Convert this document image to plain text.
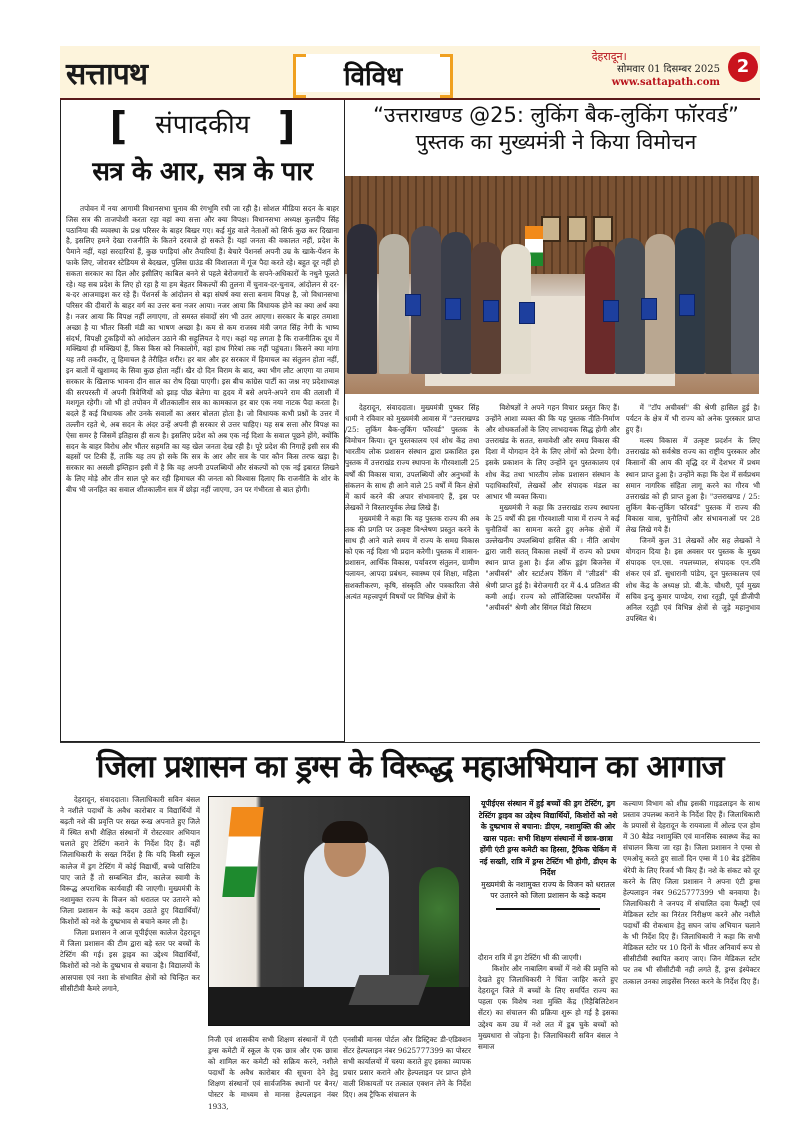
सत्तापथ	विविध
देहरादून।
सोमवार 01 दिसम्बर 2025
www.sattapath.com
2
[ संपादकीय ]
सत्र के आर, सत्र के पार
तपोवन में नया आगामी विधानसभा चुनाव की रंगभूमि रची जा रही है। सोशल मीडिया सदन के बाहर जिस सत्र की ताजपोशी करता रहा वहां क्या सत्ता और क्या विपक्ष। विधानसभा अध्यक्ष कुलदीप सिंह पठानिया की व्यवस्था के प्रश्न परिसर के बाहर बिखर गए। कई मुंह वाले नेताओं को सिर्फ कुछ कर दिखाना है, इसलिए हमने देखा राजनीति के कितने दरवाजे हो सकते हैं। यहां जनता की वकालत नहीं, प्रदेश के पैमाने नहीं, यहां सरदारियां हैं, कुछ पगड़ियां और तैयारियां हैं। बेचारे पेंशनर्स अपनी उम्र के खाके-पेंशन के फाके लिए, जोरावर स्टेडियम से बेदखल, पुलिस ग्राउंड की विशालता में गूंज पैदा करते रहे। बहुत दूर नहीं हो सकता सरकार का दिल और इसीलिए काबिल बनने से पहले बेरोजगारों के सपने-अधिकारों के नथुने फूलते रहे। यह सब प्रदेश के लिए हो रहा है या हम बेहतर विकल्पों की तुलना में चुनाव-दर-चुनाव, आंदोलन से दर-ब-दर आजमाइश कर रहे हैं। पेंशनर्स के आंदोलन से बड़ा संघर्ष क्या सत्ता बनाम विपक्ष है, जो विधानसभा परिसर की दीवारों के बाहर वर्ग का उत्तर बना नजर आया। नजर आया कि विधायक होने का क्या अर्थ क्या है। नजर आया कि विपक्ष नहीं लगाएगा, तो समस्त संवादों संग भी उतर आएगा। सरकार के बाहर तमाशा अच्छा है या भीतर किसी मंडी का भाषण अच्छा है। कम से कम राजस्व मंत्री जगत सिंह नेगी के भाष्य संदर्भ, विपक्षी टुकड़ियों को आंदोलन उठाने की सहूलियत दे गए। कहां यह लगता है कि राजनीतिक दूध में मक्खियां ही मक्खियां हैं, किस किस को निकालोगे, वहां हाथ गिरेबां तक नहीं पहुंचता। किसने क्या मांगा यह तरी तकदीर, तू हिमाचल है तेरीहित शरीर। हर बार और हर सरकार में हिमाचल का संतुलन होता नहीं, इन बातों में खुशामद के सिवा कुछ होता नहीं। खैर दो दिन विराम के बाद, क्या भीग लौट आएगा या तमाम सरकार के खिलाफ भावना दीन साल का रोष दिखा पाएगी। इस बीच कांग्रेस पार्टी का जश्न नए प्रदेशाध्यक्ष की सरपरस्ती में अपनी त्रिवेणियों को झाड़ पोंछ बेलेगा या हृदय में बसे अपने-अपने राम की तलाशी में मशगूल रहेगी। जो भी हो तपोवन में शीतकालीन सत्र का कामकाज हर बार एक नया नाटक पैदा करता है। बदले हैं कई विधायक और उनके सवालों का असर बोलता होता है। जो विधायक कभी प्रश्नों के उत्तर में तल्लीन रहते थे, अब सदन के अंदर उन्हें अपनी ही सरकार से उत्तर चाहिए। यह सब सत्ता और विपक्ष का ऐसा समर है जिसमें इतिहास ही सत्य है। इसलिए प्रदेश को अब एक नई दिशा के सवाल पूछने होंगे, क्योंकि सदन के बाहर विरोध और भीतर सहमति का यह खेल जनता देख रही है। पूरे प्रदेश की निगाहें इसी सत्र की बहसों पर टिकी हैं, ताकि यह तय हो सके कि सत्र के आर और सत्र के पार कौन किस तरफ खड़ा है। सरकार का असली इम्तिहान इसी में है कि वह अपनी उपलब्धियों और संकल्पों को एक नई इबारत लिखने के लिए मोड़े और तीन साल पूरे कर रही हिमाचल की जनता को विश्वास दिलाए कि राजनीति के शोर के बीच भी जनहित का सवाल शीतकालीन सत्र में छोड़ा नहीं जाएगा, उन पर गंभीरता से बात होगी।
“उत्तराखण्ड @25: लुकिंग बैक-लुकिंग फॉरवर्ड” पुस्तक का मुख्यमंत्री ने किया विमोचन

देहरादून, संवाददाता। मुख्यमंत्री पुष्कर सिंह धामी ने रविवार को मुख्यमंत्री आवास में “उत्तराखण्ड /25: लुकिंग बैक-लुकिंग फॉरवर्ड” पुस्तक के विमोचन किया। दून पुस्तकालय एवं शोध केंद्र तथा भारतीय लोक प्रशासन संस्थान द्वारा प्रकाशित इस पुस्तक में उत्तराखंड राज्य स्थापना के गौरवशाली 25 वर्षों की विकास यात्रा, उपलब्धियों और अनुभवों के संकलन के साथ ही आने वाले 25 वर्षों में किन क्षेत्रों में कार्य करने की अपार संभावनाएं हैं, इस पर लेखकों ने विस्तारपूर्वक लेख लिखे हैं।

मुख्यमंत्री ने कहा कि यह पुस्तक राज्य की अब तक की प्रगति पर उत्कृष्ट विश्लेषण प्रस्तुत करने के साथ ही आने वाले समय में राज्य के समग्र विकास को एक नई दिशा भी प्रदान करेगी। पुस्तक में शासन-प्रशासन, आर्थिक विकास, पर्यावरण संतुलन, ग्रामीण पलायन, आपदा प्रबंधन, स्वास्थ्य एवं शिक्षा, महिला सशक्तीकरण, कृषि, संस्कृति और पत्रकारिता जैसे अत्यंत महत्त्वपूर्ण विषयों पर विभिन्न क्षेत्रों के

विशेषज्ञों ने अपने गहन विचार प्रस्तुत किए हैं। उन्होंने आशा व्यक्त की कि यह पुस्तक नीति-निर्माण और शोधकर्ताओं के लिए लाभदायक सिद्ध होगी और उत्तराखंड के सतत, समावेशी और समग्र विकास की दिशा में योगदान देने के लिए लोगों को प्रेरणा देगी। इसके प्रकाशन के लिए उन्होंने दून पुस्तकालय एवं शोध केंद्र तथा भारतीय लोक प्रशासन संस्थान के पदाधिकारियों, लेखकों और संपादक मंडल का आभार भी व्यक्त किया।

मुख्यमंत्री ने कहा कि उत्तराखंड राज्य स्थापना के 25 वर्षों की इस गौरवशाली यात्रा में राज्य ने कई चुनौतियों का सामना करते हुए अनेक क्षेत्रों में उल्लेखनीय उपलब्धियां हासिल की । नीति आयोग द्वारा जारी सतत् विकास लक्ष्यों में राज्य को प्रथम स्थान प्राप्त हुआ है। ईज ऑफ डूइंग बिजनेस में "अचीवर्स" और स्टार्टअप रैंकिंग में "लीडर्स" की श्रेणी प्राप्त हुई है। बेरोजगारी दर में 4.4 प्रतिशत की कमी आई। राज्य को लॉजिस्टिक्स परफॉर्मेंस में "अचीवर्स" श्रेणी और सिंगल विंडो सिस्टम

में "टॉप अचीवर्स" की श्रेणी हासिल हुई है। पर्यटन के क्षेत्र में भी राज्य को अनेक पुरस्कार प्राप्त हुए हैं।

मत्स्य विकास में उत्कृष्ट प्रदर्शन के लिए उत्तराखंड को सर्वश्रेष्ठ राज्य का राष्ट्रीय पुरस्कार और किसानों की आय की वृद्धि दर में देशभर में प्रथम स्थान प्राप्त हुआ है। उन्होंने कहा कि देश में सर्वप्रथम समान नागरिक संहिता लागू करने का गौरव भी उत्तराखंड को ही प्राप्त हुआ है। "उत्तराखण्ड / 25: लुकिंग बैक-लुकिंग फॉरवर्ड" पुस्तक में राज्य की विकास यात्रा, चुनौतियों और संभावनाओं पर 28 लेख लिखे गये हैं।

जिनमें कुल 31 लेखकों और सह लेखकों ने योगदान दिया है। इस अवसर पर पुस्तक के मुख्य संपादक एन.एस. नपलच्याल, संपादक एन.रवि शंकर एवं डॉ. सुधारानी पांडेय, दून पुस्तकालय एवं शोध केंद्र के अध्यक्ष प्रो. बी.के. चौधरी, पूर्व मुख्य सचिव इन्दु कुमार पाण्डेय, राधा रतूड़ी, पूर्व डीजीपी अनिल रतूड़ी एवं विभिन्न क्षेत्रों से जुड़े महानुभाव उपस्थित थे।

जिला प्रशासन का ड्रग्स के विरूद्ध महाअभियान का आगाज

देहरादून, संवाददाता। जिलाधिकारी सविन बंसल ने नशीले पदार्थों के अवैध कारोबार व विद्यार्थियों में बढ़ती नशे की प्रवृत्ति पर सख्त रूख अपनाते हुए जिले में स्थित सभी शैक्षित संस्थानों में रोस्टरवार अभियान चलाते हुए टेस्टिंग कराने के निर्देश दिए हैं। वहीं जिलाधिकारी के सख्त निर्देश है कि यदि किसी स्कूल कालेज में ड्रग टेस्टिंग में कोई विद्यार्थी, बच्चे पासिटिव पाए जाते हैं तो सम्बन्धित डीन, कालेज स्वामी के विरूद्ध अपराधिक कार्यवाही की जाएगी। मुख्यमंत्री के नशामुक्त राज्य के विजन को धरातल पर उतारने को जिला प्रशासन के कड़े कदम उठाते हुए विद्यार्थियों/किशोरों को नशे के दुष्प्रभाव से बचाने कमर ली है।

जिला प्रशासन ने आज यूपीईएस कालेज देहरादून में जिला प्रशासन की टीम द्वारा बड़े स्तर पर बच्चों के टेस्टिंग की गई। इस ड्राइव का उद्देश्य विद्यार्थियों, किशोरों को नशे के दुष्प्रभाव से बचाना है। विद्यालयों के आसपास एवं नशा के संभावित क्षेत्रों को चिन्हित कर सीसीटीवी कैमरे लगाने,

निजी एवं शासकीय सभी शिक्षण संस्थानों में एंटी ड्रग्स कमेटी में स्कूल के एक छात्र और एक छात्रा को शामिल कर कमेटी को सक्रिय करने, नशीले पदार्थों के अवैध कारोबार की सूचना देने हेतु शिक्षण संस्थानों एवं सार्वजनिक स्थानों पर बैनर/पोस्टर के माध्यम से मानस हेल्पलाइन नंबर 1933,

एनसीबी मानस पोर्टल और डिस्ट्रिक्ट डी-एडिक्शन सेंटर हेल्पलाइन नंबर 9625777399 का पोस्टर सभी कार्यालयों में चस्पा कराते हुए इसका व्यापक प्रचार प्रसार कराने और हेल्पलाइन पर प्राप्त होने वाली शिकायतों पर तत्काल एक्शन लेने के निर्देश दिए। अब ट्रैफिक संचालन के

यूपीईएस संस्थान में हुई बच्चों की ड्रग टेस्टिंग, ड्रग टेस्टिंग ड्राइव का उद्देश्य विद्यार्थियों, किशोरों को नशे के दुष्प्रभाव से बचाना: डीएम, नशामुक्ति की ओर खास पहल: सभी शिक्षण संस्थानों में छात्र-छात्रा होंगी एंटी ड्रग्स कमेटी का हिस्सा, ट्रैफिक चेकिंग में नई सख्ती, रात्रि में ड्रग्स टेस्टिंग भी होगी, डीएम के निर्देश
मुख्यमंत्री के नशामुक्त राज्य के विजन को धरातल पर उतारने को जिला प्रशासन के कड़े कदम

दौरान रात्रि में ड्रग टेस्टिंग भी की जाएगी।

किशोर और नाबालिग बच्चों में नशे की प्रवृत्ति को देखते हुए जिलाधिकारी ने चिंता जाहिर करते हुए देहरादून जिले में बच्चों के लिए समर्पित राज्य का पहला एक विशेष नशा मुक्ति केंद्र (रिहैबिलिटेशन सेंटर) का संचालन की प्रक्रिया शुरू हो गई है इसका उद्देश्य कम उम्र में नशे लत में डूब चुके बच्चों को मुख्यधारा से जोड़ना है। जिलाधिकारी सविन बंसल ने समाज

कल्याण विभाग को शीघ्र इसकी गाइडलाइन के साथ प्रस्ताव उपलब्ध कराने के निर्देश दिए हैं। जिलाधिकारी के प्रयासों से देहरादून के रायवाला में ओल्ड एज होम में 30 बैडेड नशामुक्ति एवं मानसिक स्वास्थ्य केंद्र का संचालन किया जा रहा है। जिला प्रशासन ने एम्स से एमओयू करते हुए सातों दिन एम्स में 10 बेड इंटेंसिव थेरेपी के लिए रिजर्व भी किए हैं। नशे के संकट को दूर करने के लिए जिला प्रशासन ने अपना एंटी ड्रग्स हेल्पलाइन नंबर 9625777399 भी बनवाया है। जिलाधिकारी ने जनपद में संचालित दवा फैक्ट्री एवं मेडिकल स्टोर का निरंतर निरीक्षण करने और नशीले पदार्थों की रोकथाम हेतु सघन जांच अभियान चलाने के भी निर्देश दिए हैं। जिलाधिकारी ने कहा कि सभी मेडिकल स्टोर पर 10 दिनों के भीतर अनिवार्य रूप से सीसीटीवी स्थापित कराए जाए। जिन मेडिकल स्टोर पर तब भी सीसीटीवी नही लगते हैं, ड्रग्स इंस्पेक्टर तत्काल उनका लाइसेंस निरस्त करने के निर्देश दिए हैं।
